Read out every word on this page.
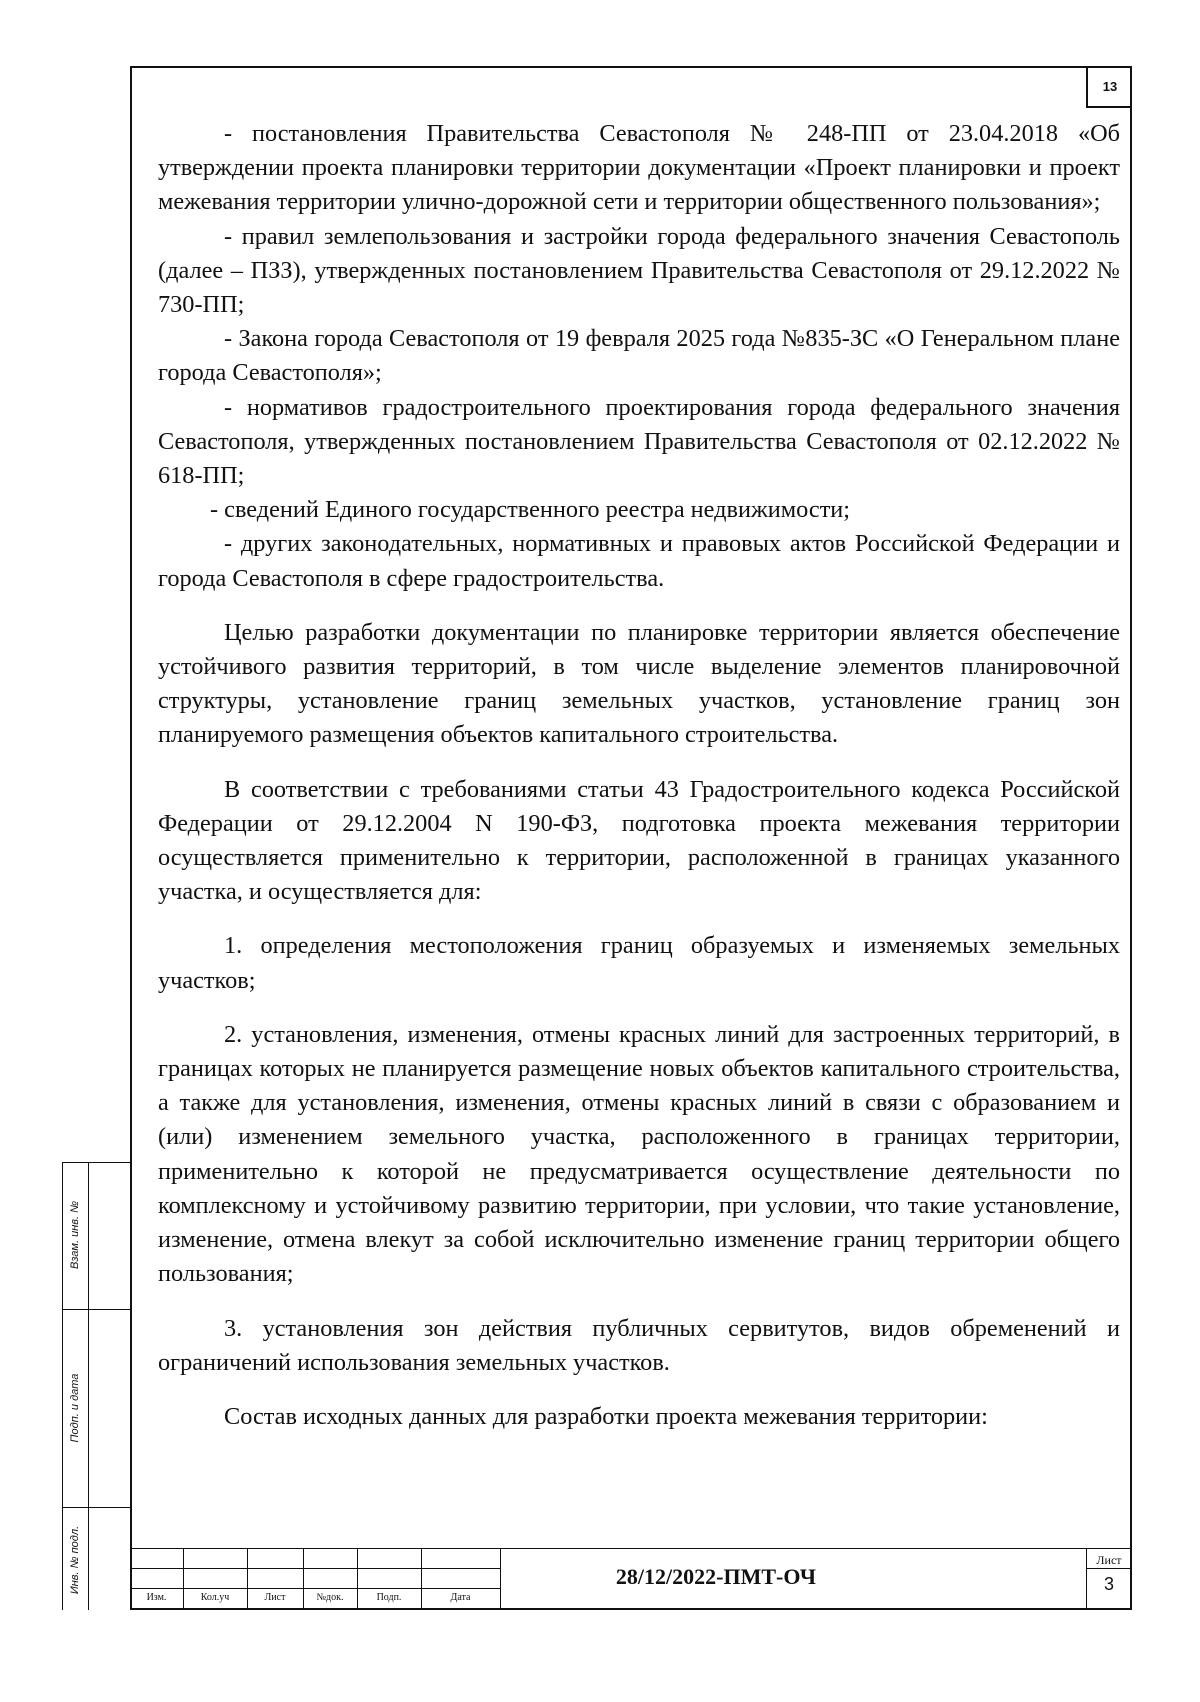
13

- постановления Правительства Севастополя № 248-ПП от 23.04.2018 «Об утверждении проекта планировки территории документации «Проект планировки и проект межевания территории улично-дорожной сети и территории общественного пользования»;

- правил землепользования и застройки города федерального значения Севастополь (далее – ПЗЗ), утвержденных постановлением Правительства Севастополя от 29.12.2022 № 730-ПП;

- Закона города Севастополя от 19 февраля 2025 года №835-ЗС «О Генеральном плане города Севастополя»;

- нормативов градостроительного проектирования города федерального значения Севастополя, утвержденных постановлением Правительства Севастополя от 02.12.2022 № 618-ПП;

- сведений Единого государственного реестра недвижимости;

- других законодательных, нормативных и правовых актов Российской Федерации и города Севастополя в сфере градостроительства.

Целью разработки документации по планировке территории является обеспечение устойчивого развития территорий, в том числе выделение элементов планировочной структуры, установление границ земельных участков, установление границ зон планируемого размещения объектов капитального строительства.

В соответствии с требованиями статьи 43 Градостроительного кодекса Российской Федерации от 29.12.2004 N 190-ФЗ, подготовка проекта межевания территории осуществляется применительно к территории, расположенной в границах указанного участка, и осуществляется для:

1. определения местоположения границ образуемых и изменяемых земельных участков;

2. установления, изменения, отмены красных линий для застроенных территорий, в границах которых не планируется размещение новых объектов капитального строительства, а также для установления, изменения, отмены красных линий в связи с образованием и (или) изменением земельного участка, расположенного в границах территории, применительно к которой не предусматривается осуществление деятельности по комплексному и устойчивому развитию территории, при условии, что такие установление, изменение, отмена влекут за собой исключительно изменение границ территории общего пользования;

3. установления зон действия публичных сервитутов, видов обременений и ограничений использования земельных участков.

Состав исходных данных для разработки проекта межевания территории:

Взам. инв. №
Подп. и дата
Инв. № подл.
Изм.	Кол.уч	Лист	№док.	Подп.	Дата
28/12/2022-ПМТ-ОЧ
Лист
3
